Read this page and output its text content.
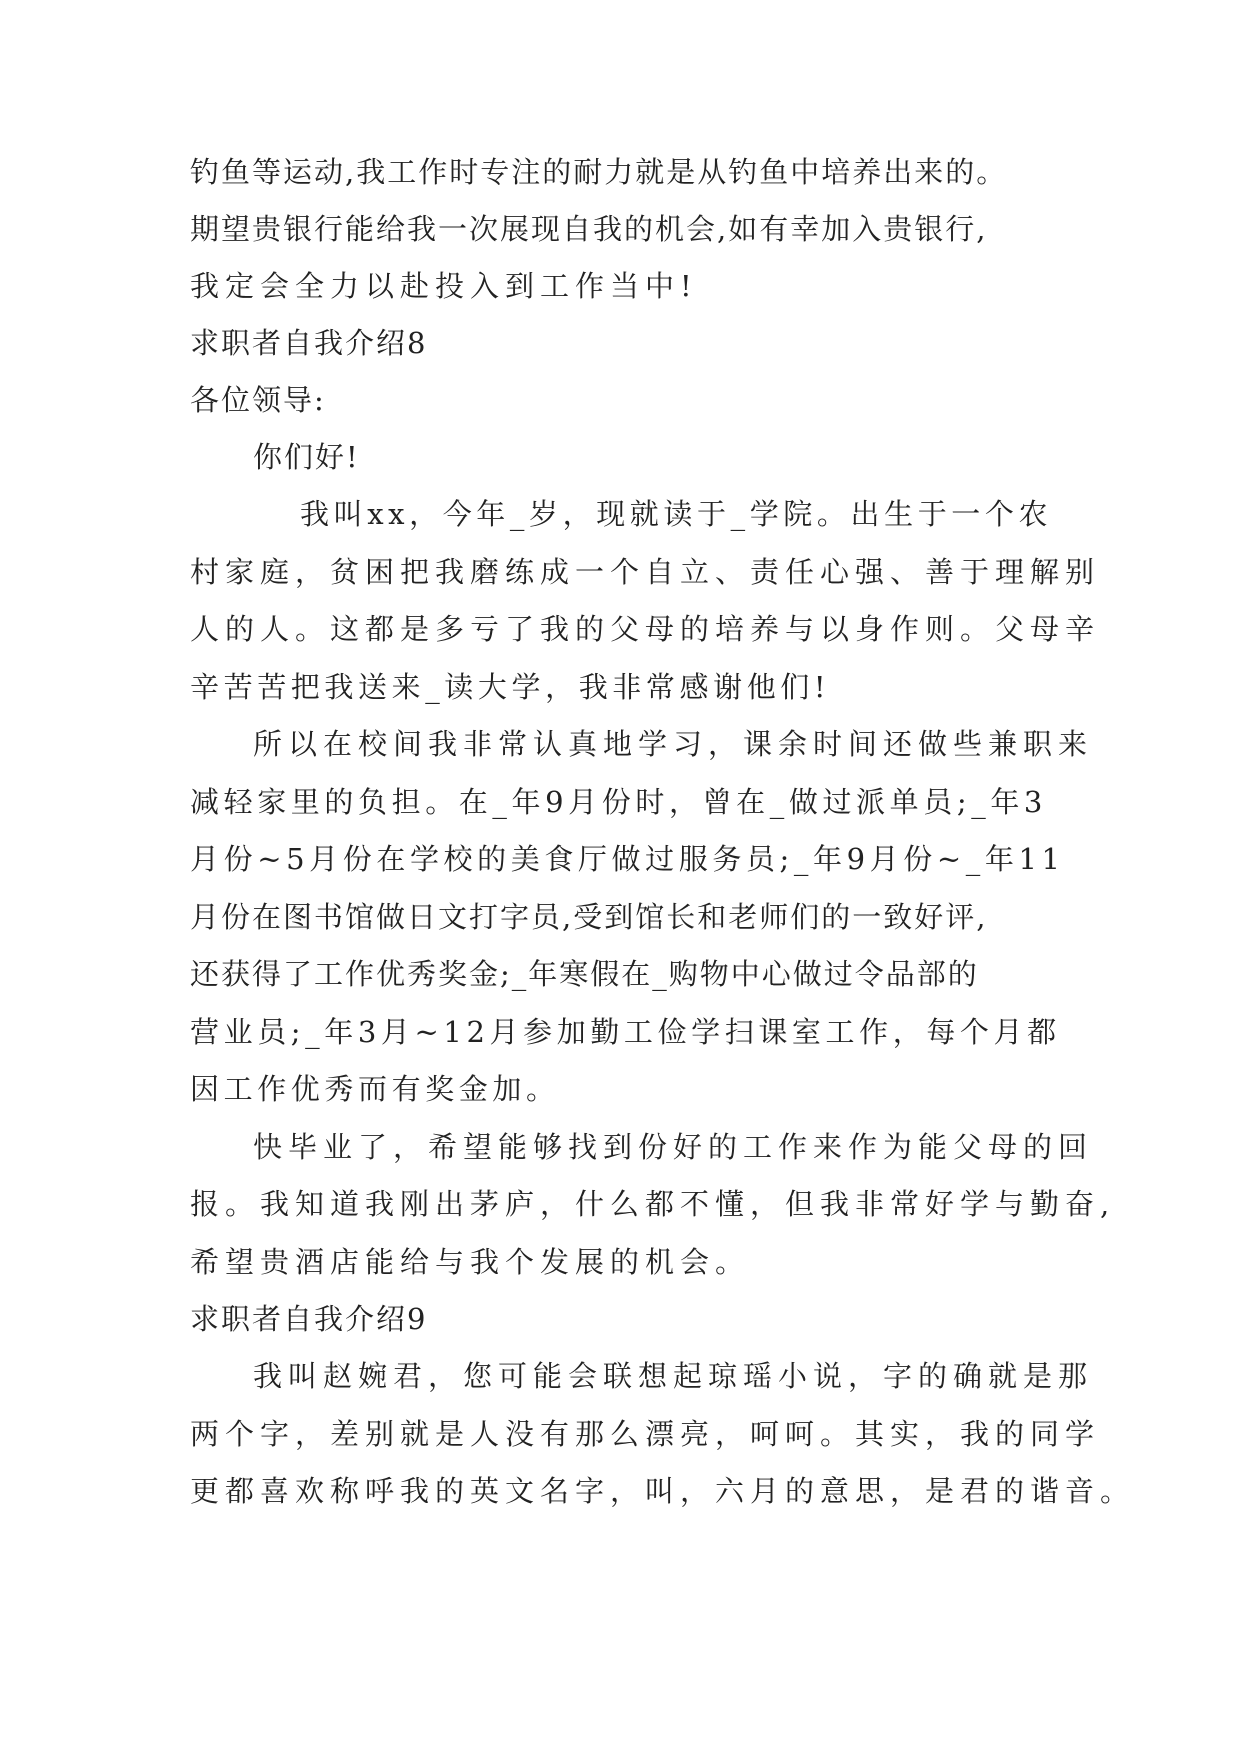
钓鱼等运动,我工作时专注的耐力就是从钓鱼中培养出来的。

期望贵银行能给我一次展现自我的机会,如有幸加入贵银行,

我定会全力以赴投入到工作当中!

求职者自我介绍8

各位领导:

你们好!

我叫xx，今年_岁，现就读于_学院。出生于一个农

村家庭，贫困把我磨练成一个自立、责任心强、善于理解别

人的人。这都是多亏了我的父母的培养与以身作则。父母辛

辛苦苦把我送来_读大学，我非常感谢他们!

所以在校间我非常认真地学习，课余时间还做些兼职来

减轻家里的负担。在_年9月份时，曾在_做过派单员;_年3

月份~5月份在学校的美食厅做过服务员;_年9月份~_年11

月份在图书馆做日文打字员,受到馆长和老师们的一致好评,

还获得了工作优秀奖金;_年寒假在_购物中心做过令品部的

营业员;_年3月~12月参加勤工俭学扫课室工作，每个月都

因工作优秀而有奖金加。

快毕业了，希望能够找到份好的工作来作为能父母的回

报。我知道我刚出茅庐，什么都不懂，但我非常好学与勤奋,

希望贵酒店能给与我个发展的机会。

求职者自我介绍9

我叫赵婉君，您可能会联想起琼瑶小说，字的确就是那

两个字，差别就是人没有那么漂亮，呵呵。其实，我的同学

更都喜欢称呼我的英文名字，叫，六月的意思，是君的谐音。
